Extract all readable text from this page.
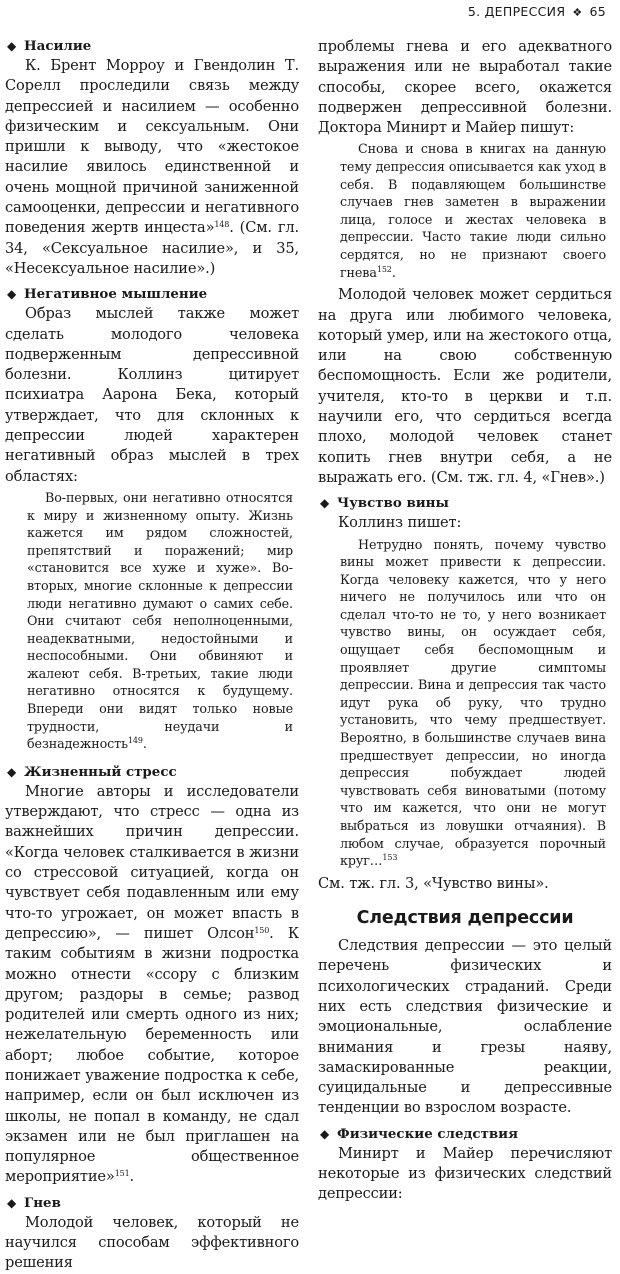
5. ДЕПРЕССИЯ ❖ 65

◆ Насилие

К. Брент Морроу и Гвендолин Т. Сорелл проследили связь между депрессией и насилием — особенно физическим и сексуальным. Они пришли к выводу, что «жестокое насилие явилось единственной и очень мощной причиной заниженной самооценки, депрессии и негативного поведения жертв инцеста»$^{148}$. (См. гл. 34, «Сексуальное насилие», и 35, «Несексуальное насилие».)

◆ Негативное мышление

Образ мыслей также может сделать молодого человека подверженным депрессивной болезни. Коллинз цитирует психиатра Аарона Бека, который утверждает, что для склонных к депрессии людей характерен негативный образ мыслей в трех областях:

Во-первых, они негативно относятся к миру и жизненному опыту. Жизнь кажется им рядом сложностей, препятствий и поражений; мир «становится все хуже и хуже». Во-вторых, многие склонные к депрессии люди негативно думают о самих себе. Они считают себя неполноценными, неадекватными, недостойными и неспособными. Они обвиняют и жалеют себя. В-третьих, такие люди негативно относятся к будущему. Впереди они видят только новые трудности, неудачи и безнадежность$^{149}$.

◆ Жизненный стресс

Многие авторы и исследователи утверждают, что стресс — одна из важнейших причин депрессии. «Когда человек сталкивается в жизни со стрессовой ситуацией, когда он чувствует себя подавленным или ему что-то угрожает, он может впасть в депрессию», — пишет Олсон$^{150}$. К таким событиям в жизни подростка можно отнести «ссору с близким другом; раздоры в семье; развод родителей или смерть одного из них; нежелательную беременность или аборт; любое событие, которое понижает уважение подростка к себе, например, если он был исключен из школы, не попал в команду, не сдал экзамен или не был приглашен на популярное общественное мероприятие»$^{151}$.

◆ Гнев

Молодой человек, который не научился способам эффективного решения

проблемы гнева и его адекватного выражения или не выработал такие способы, скорее всего, окажется подвержен депрессивной болезни. Доктора Минирт и Майер пишут:

Снова и снова в книгах на данную тему депрессия описывается как уход в себя. В подавляющем большинстве случаев гнев заметен в выражении лица, голосе и жестах человека в депрессии. Часто такие люди сильно сердятся, но не признают своего гнева$^{152}$.

Молодой человек может сердиться на друга или любимого человека, который умер, или на жестокого отца, или на свою собственную беспомощность. Если же родители, учителя, кто-то в церкви и т.п. научили его, что сердиться всегда плохо, молодой человек станет копить гнев внутри себя, а не выражать его. (См. тж. гл. 4, «Гнев».)

◆ Чувство вины

Коллинз пишет:

Нетрудно понять, почему чувство вины может привести к депрессии. Когда человеку кажется, что у него ничего не получилось или что он сделал что-то не то, у него возникает чувство вины, он осуждает себя, ощущает себя беспомощным и проявляет другие симптомы депрессии. Вина и депрессия так часто идут рука об руку, что трудно установить, что чему предшествует. Вероятно, в большинстве случаев вина предшествует депрессии, но иногда депрессия побуждает людей чувствовать себя виноватыми (потому что им кажется, что они не могут выбраться из ловушки отчаяния). В любом случае, образуется порочный круг…$^{153}$

См. тж. гл. 3, «Чувство вины».

Следствия депрессии

Следствия депрессии — это целый перечень физических и психологических страданий. Среди них есть следствия физические и эмоциональные, ослабление внимания и грезы наяву, замаскированные реакции, суицидальные и депрессивные тенденции во взрослом возрасте.

◆ Физические следствия

Минирт и Майер перечисляют некоторые из физических следствий депрессии:
